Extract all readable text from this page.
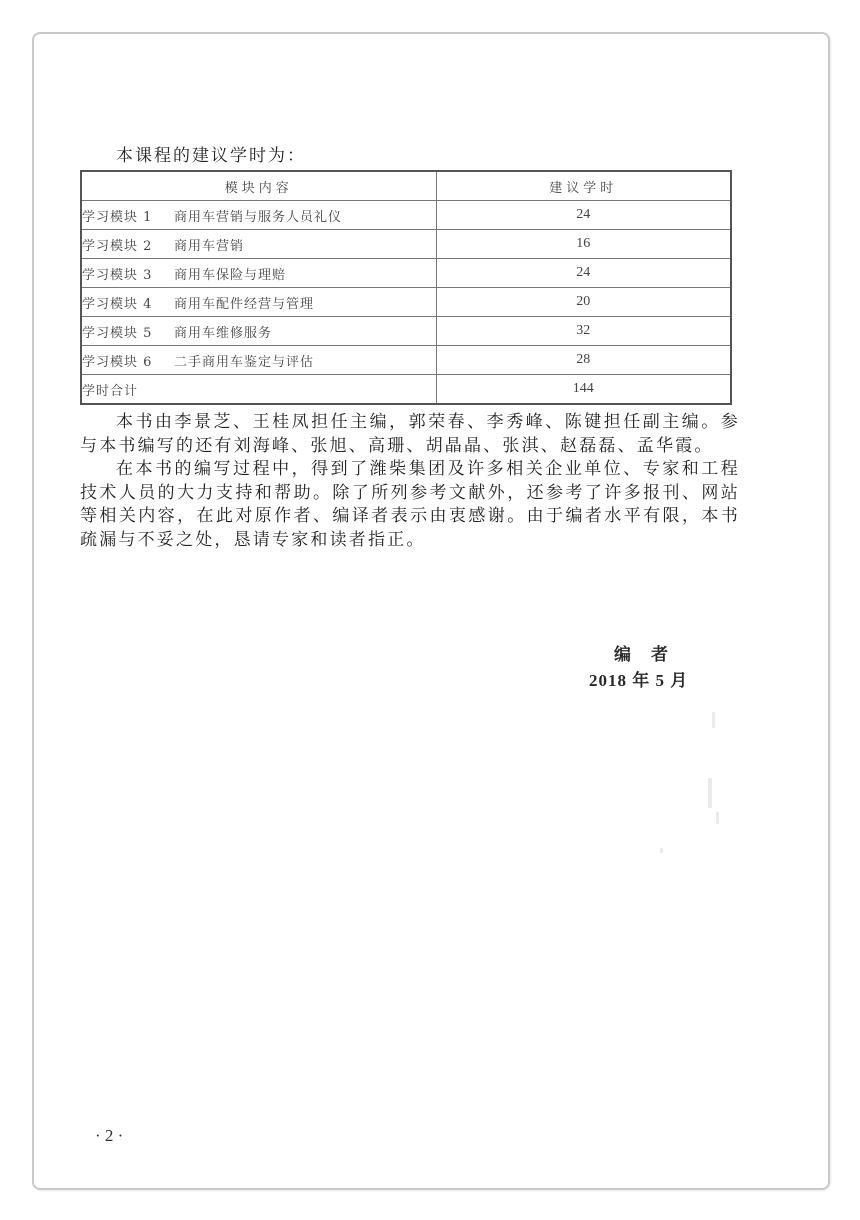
本课程的建议学时为：
模块内容	建议学时
学习模块 1 商用车营销与服务人员礼仪	24
学习模块 2 商用车营销	16
学习模块 3 商用车保险与理赔	24
学习模块 4 商用车配件经营与管理	20
学习模块 5 商用车维修服务	32
学习模块 6 二手商用车鉴定与评估	28
学时合计	144

本书由李景芝、王桂凤担任主编，郭荣春、李秀峰、陈键担任副主编。参与本书编写的还有刘海峰、张旭、高珊、胡晶晶、张淇、赵磊磊、孟华霞。

在本书的编写过程中，得到了潍柴集团及许多相关企业单位、专家和工程技术人员的大力支持和帮助。除了所列参考文献外，还参考了许多报刊、网站等相关内容，在此对原作者、编译者表示由衷感谢。由于编者水平有限，本书疏漏与不妥之处，恳请专家和读者指正。

编者
2018 年 5 月
· 2 ·
